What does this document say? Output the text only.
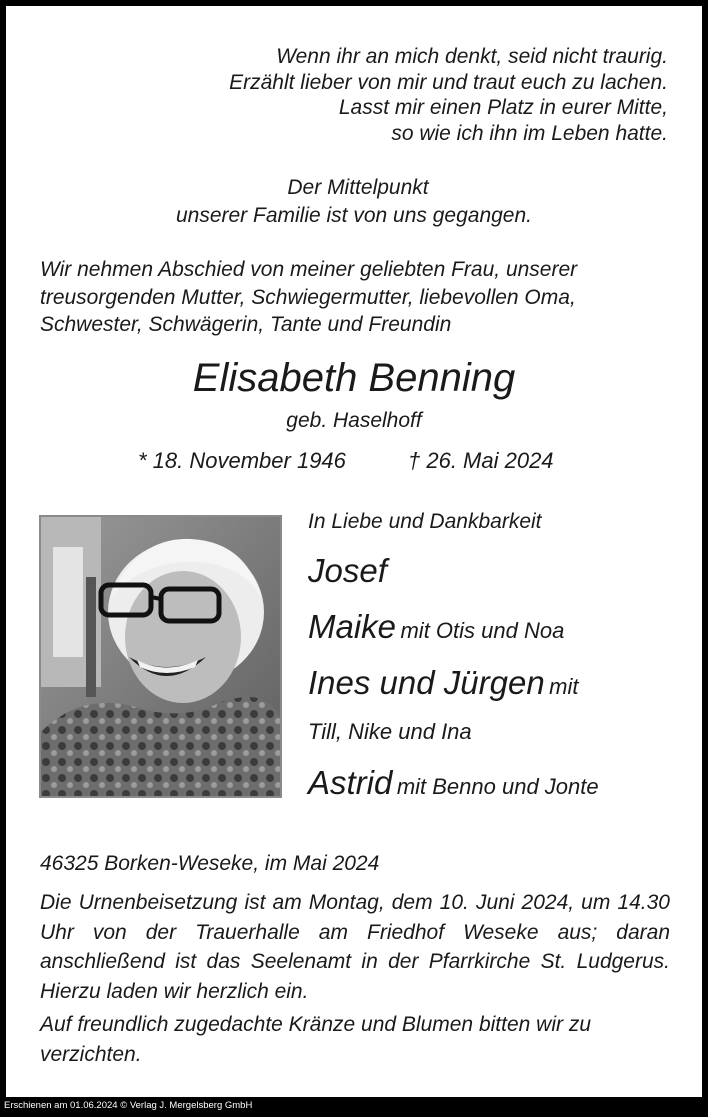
Wenn ihr an mich denkt, seid nicht traurig.
Erzählt lieber von mir und traut euch zu lachen.
Lasst mir einen Platz in eurer Mitte,
so wie ich ihn im Leben hatte.
Der Mittelpunkt
unserer Familie ist von uns gegangen.
Wir nehmen Abschied von meiner geliebten Frau, unserer
treusorgenden Mutter, Schwiegermutter, liebevollen Oma,
Schwester, Schwägerin, Tante und Freundin
Elisabeth Benning
geb. Haselhoff
* 18. November 1946	† 26. Mai 2024
In Liebe und Dankbarkeit
Josef
Maike mit Otis und Noa
Ines und Jürgen mit
Till, Nike und Ina
Astrid mit Benno und Jonte
46325 Borken-Weseke, im Mai 2024
Die Urnenbeisetzung ist am Montag, dem 10. Juni 2024, um 14.30 Uhr von der Trauerhalle am Friedhof Weseke aus; daran anschließend ist das Seelenamt in der Pfarrkirche St. Ludgerus. Hierzu laden wir herzlich ein.
Auf freundlich zugedachte Kränze und Blumen bitten wir zu verzichten.
Erschienen am 01.06.2024 © Verlag J. Mergelsberg GmbH
